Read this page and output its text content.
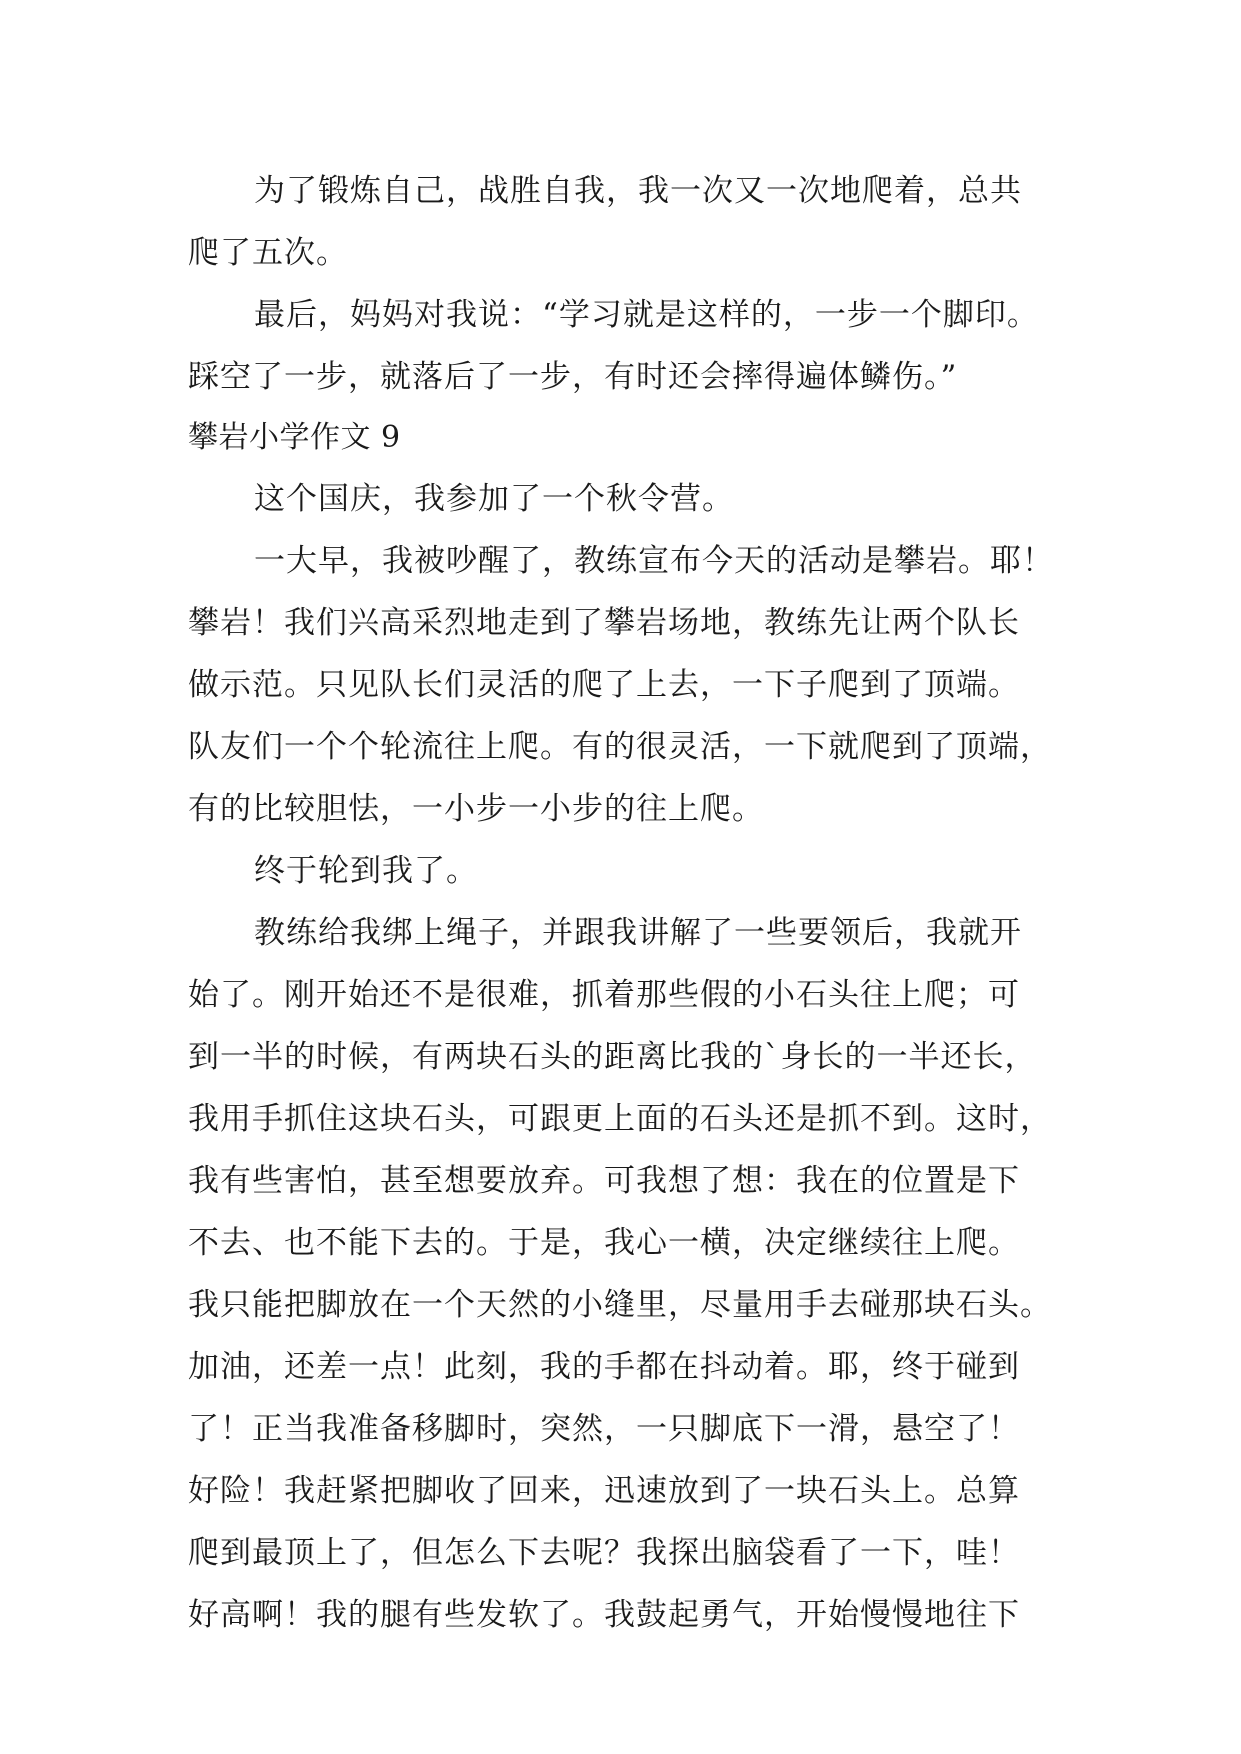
为了锻炼自己，战胜自我，我一次又一次地爬着，总共
爬了五次。
最后，妈妈对我说：“学习就是这样的，一步一个脚印。
踩空了一步，就落后了一步，有时还会摔得遍体鳞伤。”
攀岩小学作文 9
这个国庆，我参加了一个秋令营。
一大早，我被吵醒了，教练宣布今天的活动是攀岩。耶！
攀岩！我们兴高采烈地走到了攀岩场地，教练先让两个队长
做示范。只见队长们灵活的爬了上去，一下子爬到了顶端。
队友们一个个轮流往上爬。有的很灵活，一下就爬到了顶端，
有的比较胆怯，一小步一小步的往上爬。
终于轮到我了。
教练给我绑上绳子，并跟我讲解了一些要领后，我就开
始了。刚开始还不是很难，抓着那些假的小石头往上爬；可
到一半的时候，有两块石头的距离比我的`身长的一半还长，
我用手抓住这块石头，可跟更上面的石头还是抓不到。这时，
我有些害怕，甚至想要放弃。可我想了想：我在的位置是下
不去、也不能下去的。于是，我心一横，决定继续往上爬。
我只能把脚放在一个天然的小缝里，尽量用手去碰那块石头。
加油，还差一点！此刻，我的手都在抖动着。耶，终于碰到
了！正当我准备移脚时，突然，一只脚底下一滑，悬空了！
好险！我赶紧把脚收了回来，迅速放到了一块石头上。总算
爬到最顶上了，但怎么下去呢？我探出脑袋看了一下，哇！
好高啊！我的腿有些发软了。我鼓起勇气，开始慢慢地往下
